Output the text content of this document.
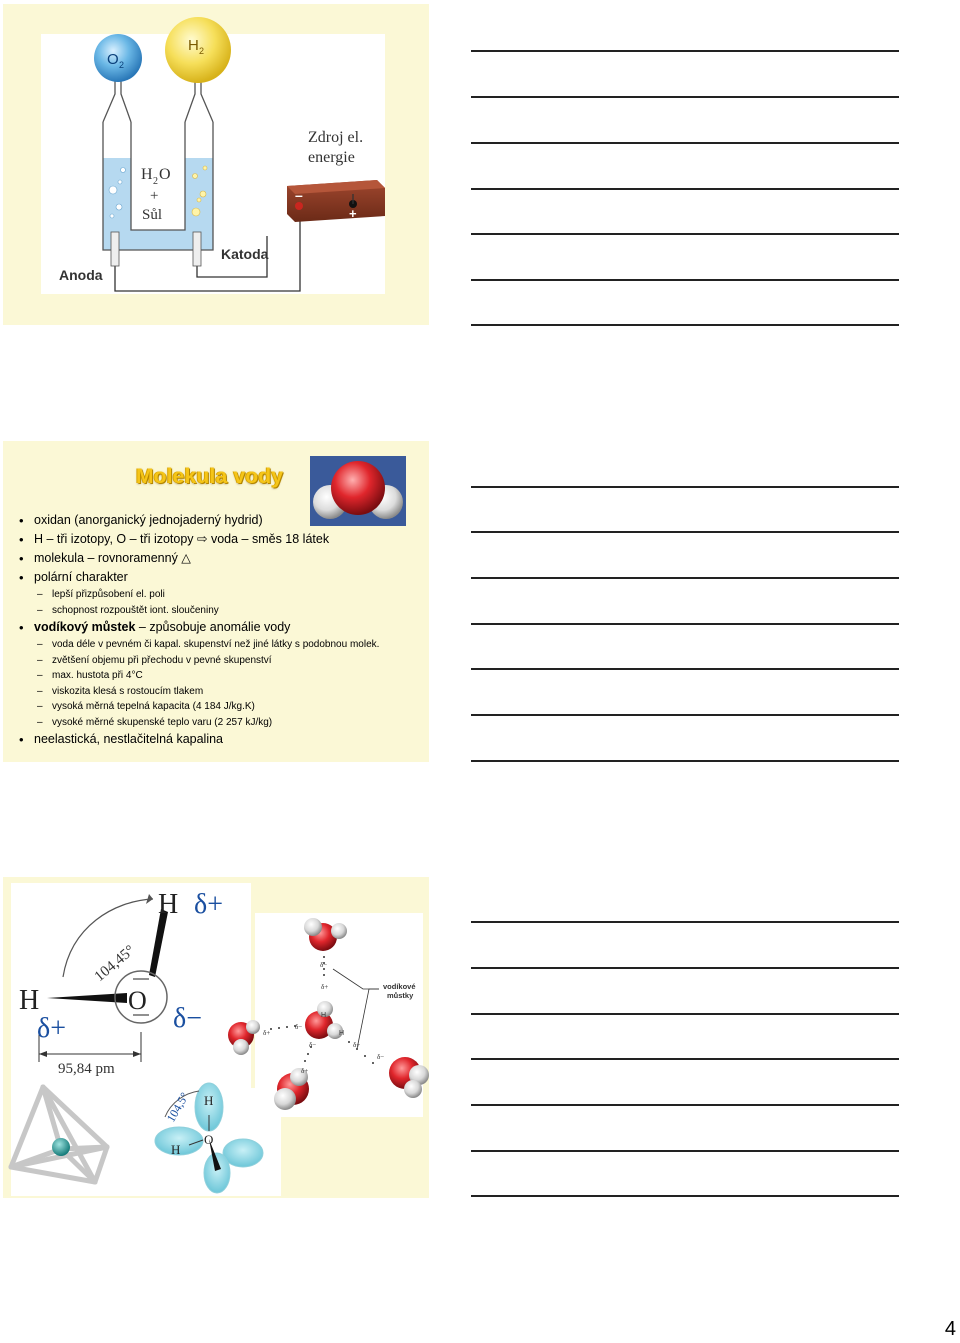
O 2
H 2
H 2 O
+
Sůl
Zdroj el.
energie
Anoda
Katoda
–
+
Molekula vody
• oxidan (anorganický jednojaderný hydrid)
• H – tři izotopy, O – tři izotopy ⇨ voda – směs 18 látek
• molekula – rovnoramenný △
• polární charakter
– lepší přizpůsobení el. poli
– schopnost rozpouštět iont. sloučeniny
• vodíkový můstek – způsobuje anomálie vody
– voda déle v pevném či kapal. skupenství než jiné látky s podobnou molek.
– zvětšení objemu při přechodu v pevné skupenství
– max. hustota při 4°C
– viskozita klesá s rostoucím tlakem
– vysoká měrná tepelná kapacita (4 184 J/kg.K)
– vysoké měrné skupenské teplo varu (2 257 kJ/kg)
• neelastická, nestlačitelná kapalina
104,45°
H δ+
H	O
δ+	δ−
95,84 pm
vodíkové
můstky
δ−
δ+
H
H
δ+
δ−
δ−
δ+
δ+
δ−
104,5° H
H
O
4
